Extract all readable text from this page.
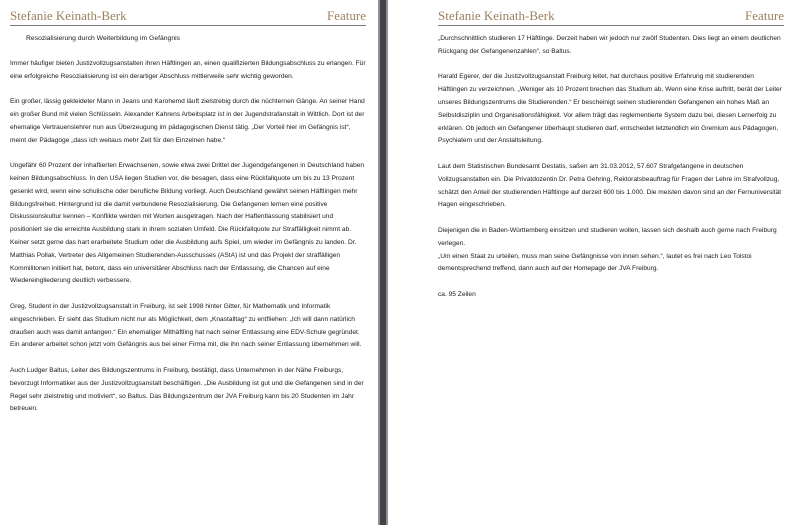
Stefanie Keinath-Berk	Feature

Resozialisierung durch Weiterbildung im Gefängnis

Immer häufiger bieten Justizvollzugsanstalten ihren Häftlingen an, einen qualifizierten Bildungsabschluss zu erlangen. Für eine erfolgreiche Resozialisierung ist ein derartiger Abschluss mittlerweile sehr wichtig geworden.

Ein großer, lässig gekleideter Mann in Jeans und Karohemd läuft zielstrebig durch die nüchternen Gänge. An seiner Hand ein großer Bund mit vielen Schlüsseln. Alexander Kahrens Arbeitsplatz ist in der Jugendstrafanstalt in Wittlich. Dort ist der ehemalige Vertrauenslehrer nun aus Überzeugung im pädagogischen Dienst tätig. „Der Vorteil hier im Gefängnis ist“, meint der Pädagoge „dass ich weitaus mehr Zeit für den Einzelnen habe.“

Ungefähr 60 Prozent der inhaftierten Erwachsenen, sowie etwa zwei Drittel der Jugendgefangenen in Deutschland haben keinen Bildungsabschluss. In den USA liegen Studien vor, die besagen, dass eine Rückfallquote um bis zu 13 Prozent gesenkt wird, wenn eine schulische oder berufliche Bildung vorliegt. Auch Deutschland gewährt seinen Häftlingen mehr Bildungsfreiheit. Hintergrund ist die damit verbundene Resozialisierung. Die Gefangenen lernen eine positive Diskussionskultur kennen – Konflikte werden mit Worten ausgetragen. Nach der Haftentlassung stabilisiert und positioniert sie die erreichte Ausbildung stark in ihrem sozialen Umfeld. Die Rückfallquote zur Straffälligkeit nimmt ab. Keiner setzt gerne das hart erarbeitete Studium oder die Ausbildung aufs Spiel, um wieder im Gefängnis zu landen. Dr. Matthias Pollak, Vertreter des Allgemeinen Studierenden-Ausschusses (AStA) ist und das Projekt der straffälligen Kommilitonen initiiert hat, betont, dass ein universitärer Abschluss nach der Entlassung, die Chancen auf eine Wiedereingliederung deutlich verbessere.

Greg, Student in der Justizvollzugsanstalt in Freiburg, ist seit 1998 hinter Gitter, für Mathematik und Informatik eingeschrieben. Er sieht das Studium nicht nur als Möglichkeit, dem „Knastalltag“ zu entfliehen: „Ich will dann natürlich draußen auch was damit anfangen.“ Ein ehemaliger Mithäftling hat nach seiner Entlassung eine EDV-Schule gegründet. Ein anderer arbeitet schon jetzt vom Gefängnis aus bei einer Firma mit, die ihn nach seiner Entlassung übernehmen will.

Auch Ludger Baltus, Leiter des Bildungszentrums in Freiburg, bestätigt, dass Unternehmen in der Nähe Freiburgs, bevorzugt Informatiker aus der Justizvollzugsanstalt beschäftigen. „Die Ausbildung ist gut und die Gefangenen sind in der Regel sehr zielstrebig und motiviert“, so Baltus. Das Bildungszentrum der JVA Freiburg kann bis 20 Studenten im Jahr betreuen.

Stefanie Keinath-Berk	Feature

„Durchschnittlich studieren 17 Häftlinge. Derzeit haben wir jedoch nur zwölf Studenten. Dies liegt an einem deutlichen Rückgang der Gefangenenzahlen“, so Baltus.

Harald Egerer, der die Justizvollzugsanstalt Freiburg leitet, hat durchaus positive Erfahrung mit studierenden Häftlingen zu verzeichnen. „Weniger als 10 Prozent brechen das Studium ab. Wenn eine Krise auftritt, berät der Leiter unseres Bildungszentrums die Studierenden.“ Er bescheinigt seinen studierenden Gefangenen ein hohes Maß an Selbstdisziplin und Organisationsfähigkeit. Vor allem trägt das reglementierte System dazu bei, diesen Lernerfolg zu erklären. Ob jedoch ein Gefangener überhaupt studieren darf, entscheidet letztendlich ein Gremium aus Pädagogen, Psychiatern und der Anstaltsleitung.

Laut dem Statistischen Bundesamt Destatis, saßen am 31.03.2012, 57.607 Strafgefangene in deutschen Vollzugsanstalten ein. Die Privatdozentin Dr. Petra Gehring, Rektoratsbeauftrag für Fragen der Lehre im Strafvollzug, schätzt den Anteil der studierenden Häftlinge auf derzeit 600 bis 1.000. Die meisten davon sind an der Fernuniversität Hagen eingeschrieben.

Diejenigen die in Baden-Württemberg einsitzen und studieren wollen, lassen sich deshalb auch gerne nach Freiburg verlegen.

„Um einen Staat zu urteilen, muss man seine Gefängnisse von innen sehen.“, lautet es frei nach Leo Tolstoi dementsprechend treffend, dann auch auf der Homepage der JVA Freiburg.

ca. 95 Zeilen
